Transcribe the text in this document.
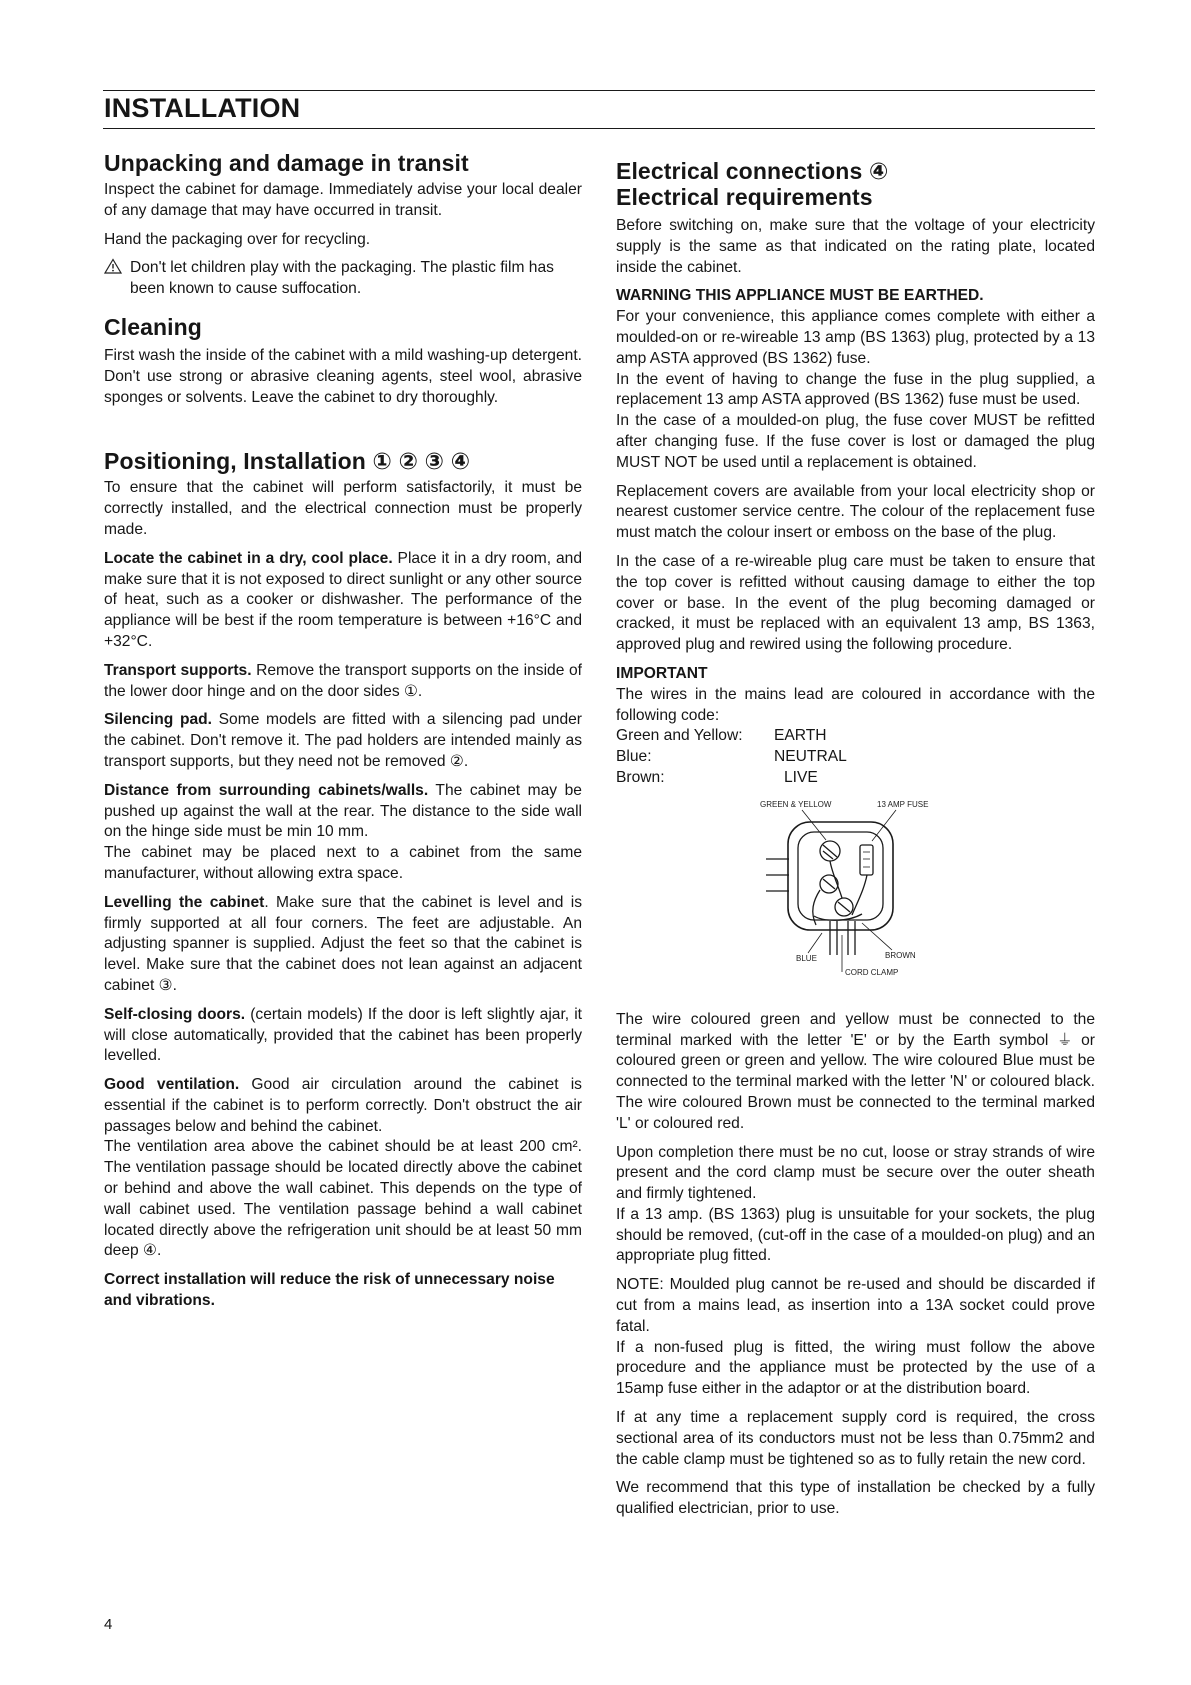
INSTALLATION
Unpacking and damage in transit

Inspect the cabinet for damage. Immediately advise your local dealer of any damage that may have occurred in transit.

Hand the packaging over for recycling.

Don't let children play with the packaging. The plastic film has been known to cause suffocation.
Cleaning

First wash the inside of the cabinet with a mild washing-up detergent. Don't use strong or abrasive cleaning agents, steel wool, abrasive sponges or solvents. Leave the cabinet to dry thoroughly.

Positioning, Installation ① ② ③ ④

To ensure that the cabinet will perform satisfactorily, it must be correctly installed, and the electrical connection must be properly made.

Locate the cabinet in a dry, cool place. Place it in a dry room, and make sure that it is not exposed to direct sunlight or any other source of heat, such as a cooker or dishwasher. The performance of the appliance will be best if the room temperature is between +16°C and +32°C.

Transport supports. Remove the transport supports on the inside of the lower door hinge and on the door sides ①.

Silencing pad. Some models are fitted with a silencing pad under the cabinet. Don't remove it. The pad holders are intended mainly as transport supports, but they need not be removed ②.

Distance from surrounding cabinets/walls. The cabinet may be pushed up against the wall at the rear. The distance to the side wall on the hinge side must be min 10 mm.

The cabinet may be placed next to a cabinet from the same manufacturer, without allowing extra space.

Levelling the cabinet. Make sure that the cabinet is level and is firmly supported at all four corners. The feet are adjustable. An adjusting spanner is supplied. Adjust the feet so that the cabinet is level. Make sure that the cabinet does not lean against an adjacent cabinet ③.

Self-closing doors. (certain models) If the door is left slightly ajar, it will close automatically, provided that the cabinet has been properly levelled.

Good ventilation. Good air circulation around the cabinet is essential if the cabinet is to perform correctly. Don't obstruct the air passages below and behind the cabinet.

The ventilation area above the cabinet should be at least 200 cm². The ventilation passage should be located directly above the cabinet or behind and above the wall cabinet. This depends on the type of wall cabinet used. The ventilation passage behind a wall cabinet located directly above the refrigeration unit should be at least 50 mm deep ④.

Correct installation will reduce the risk of unnecessary noise and vibrations.

Electrical connections ④
Electrical requirements

Before switching on, make sure that the voltage of your electricity supply is the same as that indicated on the rating plate, located inside the cabinet.

WARNING THIS APPLIANCE MUST BE EARTHED.

For your convenience, this appliance comes complete with either a moulded-on or re-wireable 13 amp (BS 1363) plug, protected by a 13 amp ASTA approved (BS 1362) fuse.

In the event of having to change the fuse in the plug supplied, a replacement 13 amp ASTA approved (BS 1362) fuse must be used.

In the case of a moulded-on plug, the fuse cover MUST be refitted after changing fuse. If the fuse cover is lost or damaged the plug MUST NOT be used until a replacement is obtained.

Replacement covers are available from your local electricity shop or nearest customer service centre. The colour of the replacement fuse must match the colour insert or emboss on the base of the plug.

In the case of a re-wireable plug care must be taken to ensure that the top cover is refitted without causing damage to either the top cover or base. In the event of the plug becoming damaged or cracked, it must be replaced with an equivalent 13 amp, BS 1363, approved plug and rewired using the following procedure.

IMPORTANT

The wires in the mains lead are coloured in accordance with the following code:

Green and Yellow:	EARTH
Blue:	NEUTRAL
Brown:	LIVE
GREEN & YELLOW	13 AMP FUSE
BLUE	BROWN
CORD CLAMP

The wire coloured green and yellow must be connected to the terminal marked with the letter 'E' or by the Earth symbol ⏚ or coloured green or green and yellow. The wire coloured Blue must be connected to the terminal marked with the letter 'N' or coloured black. The wire coloured Brown must be connected to the terminal marked 'L' or coloured red.

Upon completion there must be no cut, loose or stray strands of wire present and the cord clamp must be secure over the outer sheath and firmly tightened.

If a 13 amp. (BS 1363) plug is unsuitable for your sockets, the plug should be removed, (cut-off in the case of a moulded-on plug) and an appropriate plug fitted.

NOTE: Moulded plug cannot be re-used and should be discarded if cut from a mains lead, as insertion into a 13A socket could prove fatal.

If a non-fused plug is fitted, the wiring must follow the above procedure and the appliance must be protected by the use of a 15amp fuse either in the adaptor or at the distribution board.

If at any time a replacement supply cord is required, the cross sectional area of its conductors must not be less than 0.75mm2 and the cable clamp must be tightened so as to fully retain the new cord.

We recommend that this type of installation be checked by a fully qualified electrician, prior to use.

4
